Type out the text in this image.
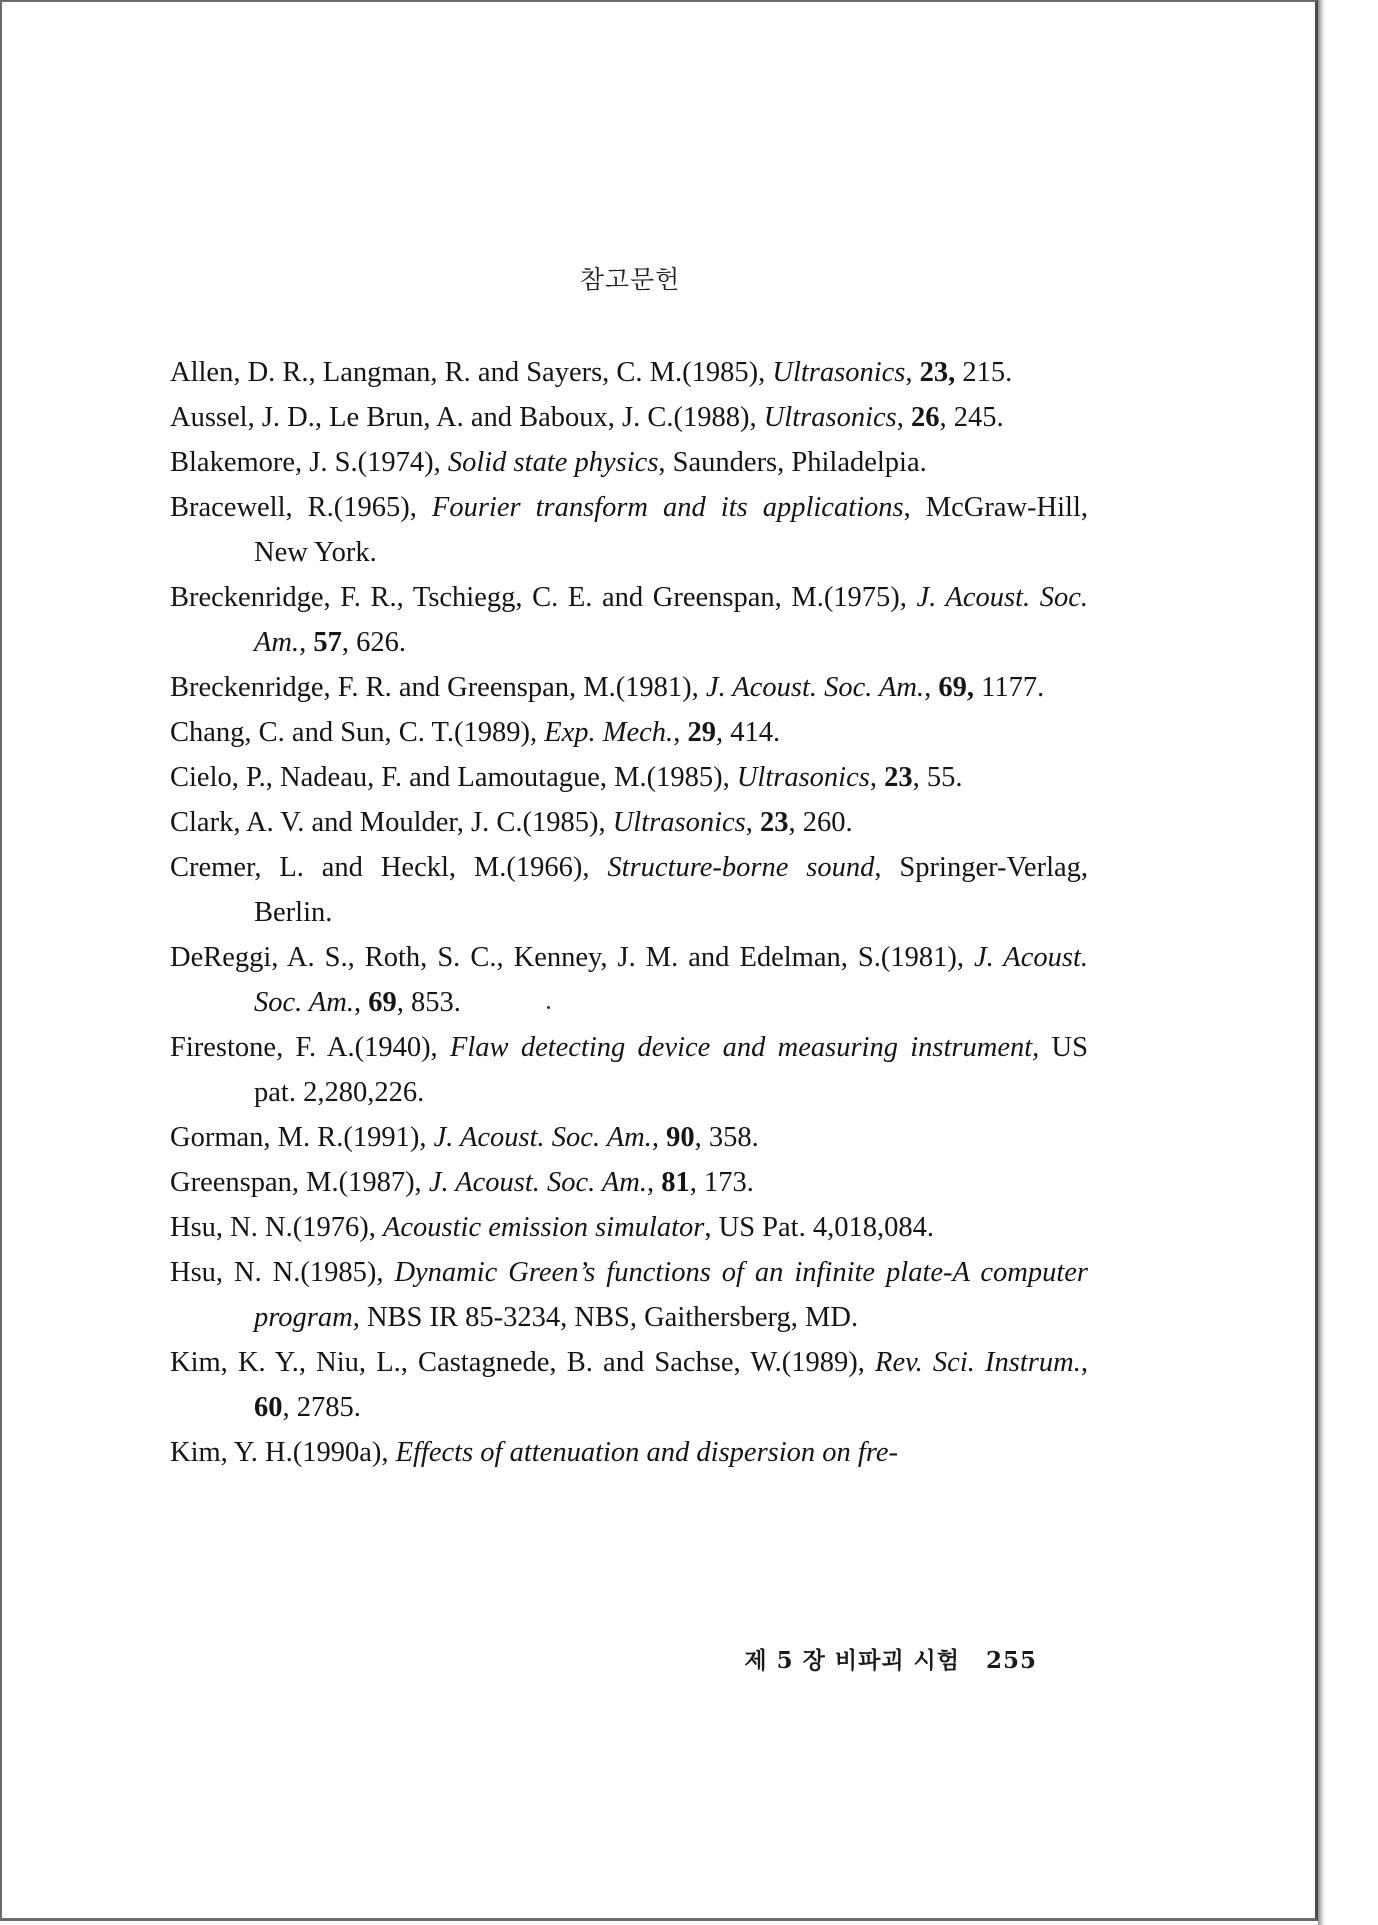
참고문헌
Allen, D. R., Langman, R. and Sayers, C. M.(1985), Ultrasonics, 23, 215.
Aussel, J. D., Le Brun, A. and Baboux, J. C.(1988), Ultrasonics, 26, 245.
Blakemore, J. S.(1974), Solid state physics, Saunders, Philadelpia.
Bracewell, R.(1965), Fourier transform and its applications, McGraw-Hill, New York.
Breckenridge, F. R., Tschiegg, C. E. and Greenspan, M.(1975), J. Acoust. Soc. Am., 57, 626.
Breckenridge, F. R. and Greenspan, M.(1981), J. Acoust. Soc. Am., 69, 1177.
Chang, C. and Sun, C. T.(1989), Exp. Mech., 29, 414.
Cielo, P., Nadeau, F. and Lamoutague, M.(1985), Ultrasonics, 23, 55.
Clark, A. V. and Moulder, J. C.(1985), Ultrasonics, 23, 260.
Cremer, L. and Heckl, M.(1966), Structure-borne sound, Springer-Verlag, Berlin.
DeReggi, A. S., Roth, S. C., Kenney, J. M. and Edelman, S.(1981), J. Acoust. Soc. Am., 69, 853.
Firestone, F. A.(1940), Flaw detecting device and measuring instrument, US pat. 2,280,226.
Gorman, M. R.(1991), J. Acoust. Soc. Am., 90, 358.
Greenspan, M.(1987), J. Acoust. Soc. Am., 81, 173.
Hsu, N. N.(1976), Acoustic emission simulator, US Pat. 4,018,084.
Hsu, N. N.(1985), Dynamic Green’s functions of an infinite plate-A computer program, NBS IR 85-3234, NBS, Gaithersberg, MD.
Kim, K. Y., Niu, L., Castagnede, B. and Sachse, W.(1989), Rev. Sci. Instrum., 60, 2785.
Kim, Y. H.(1990a), Effects of attenuation and dispersion on fre-
제 5 장 비파괴 시험 255
